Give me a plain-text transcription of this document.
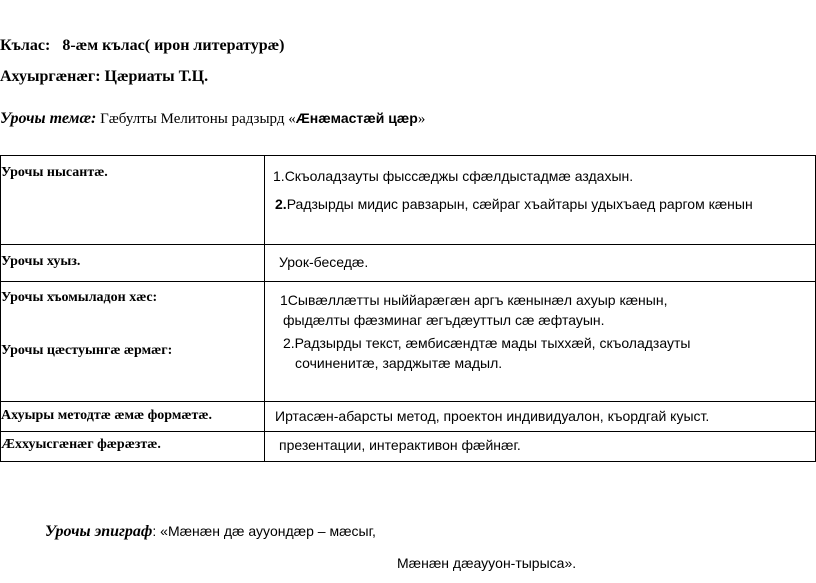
Кълас: 8-æм кълас( ирон литературæ)
Ахуыргæнæг: Цæриаты Т.Ц.
Урочы темæ: Гæбулты Мелитоны радзырд «Æнæмастæй цæр»
Урочы нысантæ.	1.Скъоладзауты фыссæджы сфæлдыстадмæ аздахын.
2.Радзырды мидис равзарын, сæйраг хъайтары удыхъаед раргом кæнын

Урочы хуыз.	Урок-беседæ.

Урочы хъомыладон хæс:
Урочы цæстуынгæ æрмæг:	1Сывæллæтты ныййарæгæн аргъ кæнынæл ахуыр кæнын,
фыдæлты фæзминаг æгъдæуттыл сæ æфтауын.
2.Радзырды текст, æмбисæндтæ мады тыххæй, скъоладзауты
сочиненитæ, зарджытæ мадыл.

Ахуыры методтæ æмæ формæтæ.	Иртасæн-абарсты метод, проектон индивидуалон, къордгай куыст.

Æххуысгæнæг фæрæзтæ.	презентации, интерактивон фæйнæг.
Урочы эпиграф: «Мæнæн дæ ауyондæр – мæсыг,
Мæнæн дæауyон-тырыса».
